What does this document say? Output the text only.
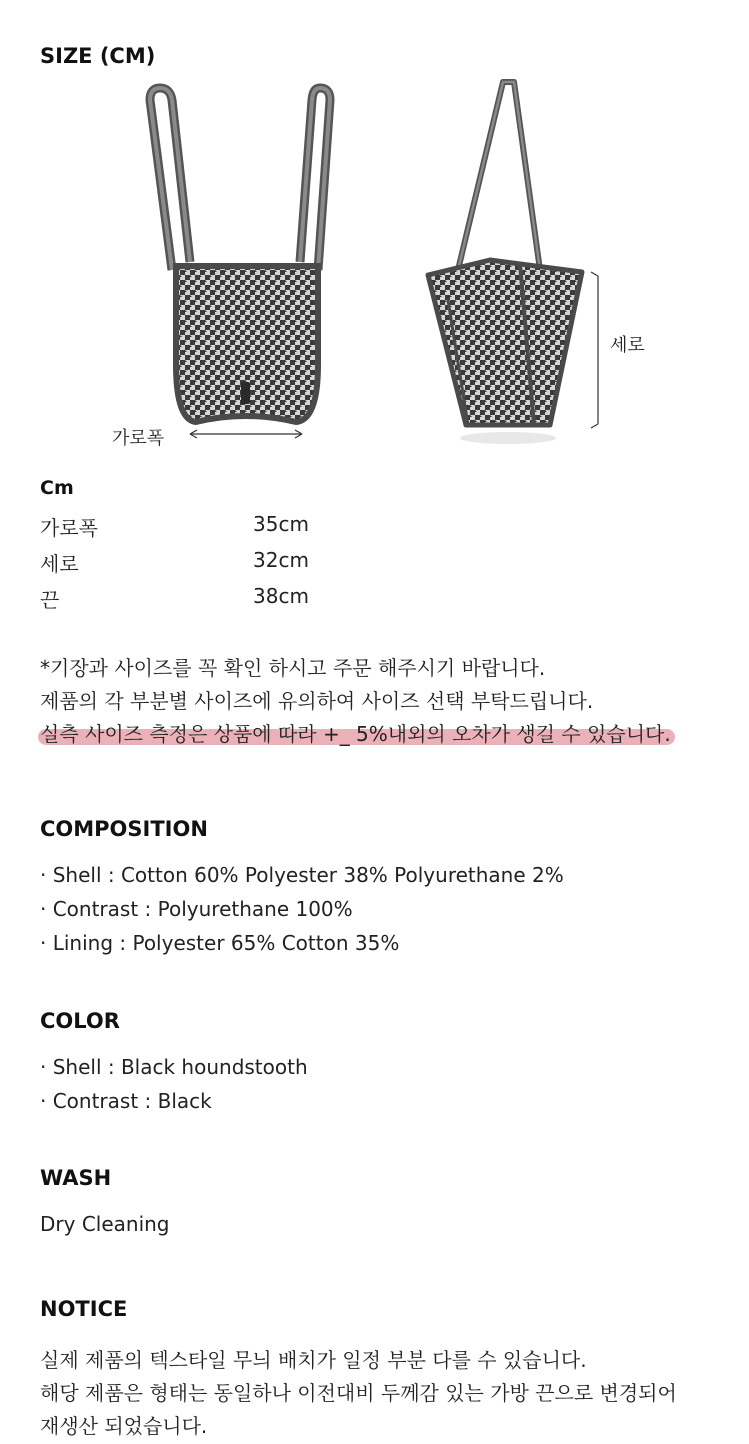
SIZE (CM)
가로폭
세로
Cm
가로폭	35cm
세로	32cm
끈	38cm
*기장과 사이즈를 꼭 확인 하시고 주문 해주시기 바랍니다.
제품의 각 부분별 사이즈에 유의하여 사이즈 선택 부탁드립니다.
실측 사이즈 측정은 상품에 따라 +_ 5%내외의 오차가 생길 수 있습니다.
COMPOSITION
· Shell : Cotton 60% Polyester 38% Polyurethane 2%
· Contrast : Polyurethane 100%
· Lining : Polyester 65% Cotton 35%
COLOR
· Shell : Black houndstooth
· Contrast : Black
WASH
Dry Cleaning
NOTICE
실제 제품의 텍스타일 무늬 배치가 일정 부분 다를 수 있습니다.
해당 제품은 형태는 동일하나 이전대비 두께감 있는 가방 끈으로 변경되어
재생산 되었습니다.
